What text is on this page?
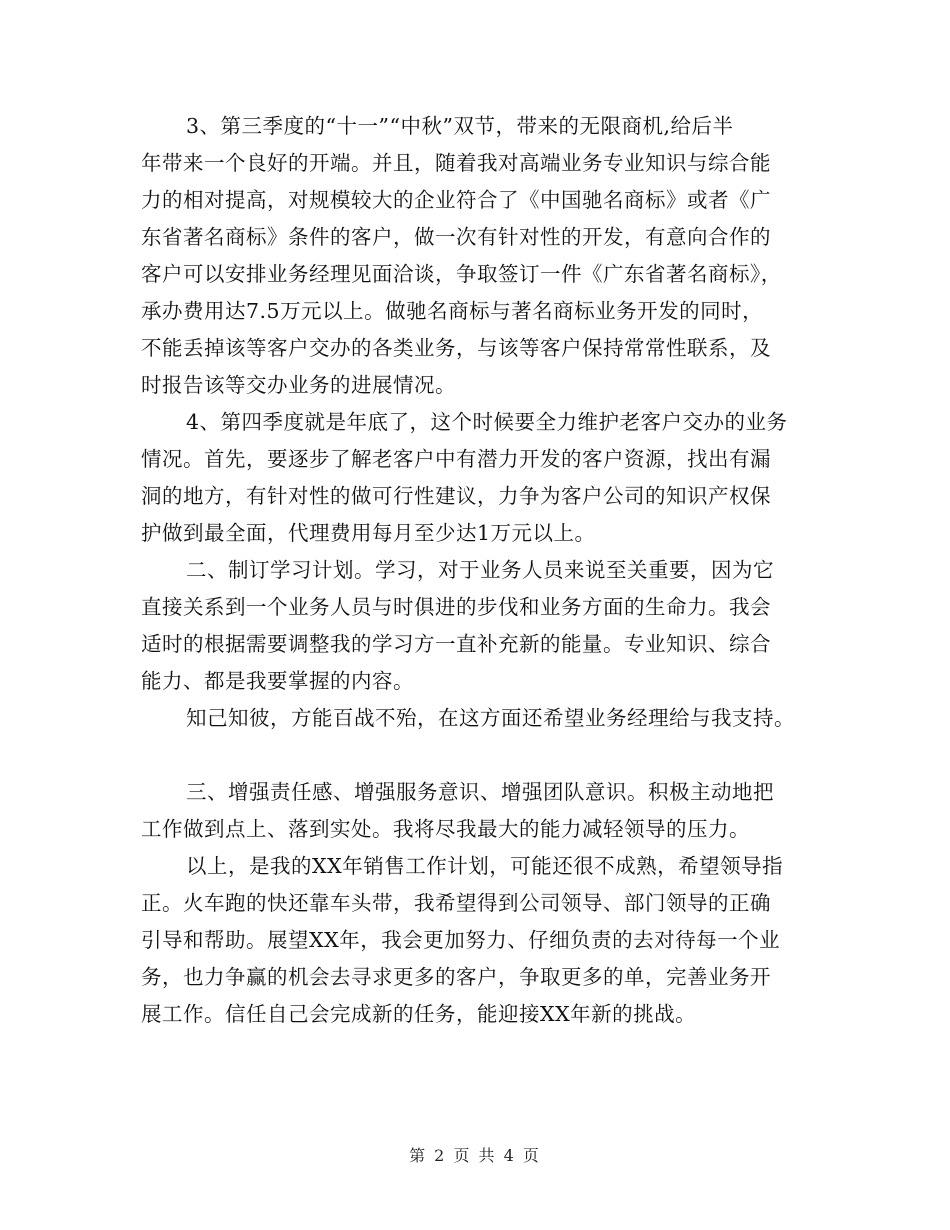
3、第三季度的“十一”“中秋”双节，带来的无限商机,给后半
年带来一个良好的开端。并且，随着我对高端业务专业知识与综合能
力的相对提高，对规模较大的企业符合了《中国驰名商标》或者《广
东省著名商标》条件的客户，做一次有针对性的开发，有意向合作的
客户可以安排业务经理见面洽谈，争取签订一件《广东省著名商标》，
承办费用达7.5万元以上。做驰名商标与著名商标业务开发的同时，
不能丢掉该等客户交办的各类业务，与该等客户保持常常性联系，及
时报告该等交办业务的进展情况。
4、第四季度就是年底了，这个时候要全力维护老客户交办的业务
情况。首先，要逐步了解老客户中有潜力开发的客户资源，找出有漏
洞的地方，有针对性的做可行性建议，力争为客户公司的知识产权保
护做到最全面，代理费用每月至少达1万元以上。
二、制订学习计划。学习，对于业务人员来说至关重要，因为它
直接关系到一个业务人员与时俱进的步伐和业务方面的生命力。我会
适时的根据需要调整我的学习方一直补充新的能量。专业知识、综合
能力、都是我要掌握的内容。
知己知彼，方能百战不殆，在这方面还希望业务经理给与我支持。
三、增强责任感、增强服务意识、增强团队意识。积极主动地把
工作做到点上、落到实处。我将尽我最大的能力减轻领导的压力。
以上，是我的XX年销售工作计划，可能还很不成熟，希望领导指
正。火车跑的快还靠车头带，我希望得到公司领导、部门领导的正确
引导和帮助。展望XX年，我会更加努力、仔细负责的去对待每一个业
务，也力争赢的机会去寻求更多的客户，争取更多的单，完善业务开
展工作。信任自己会完成新的任务，能迎接XX年新的挑战。
第 2 页 共 4 页
